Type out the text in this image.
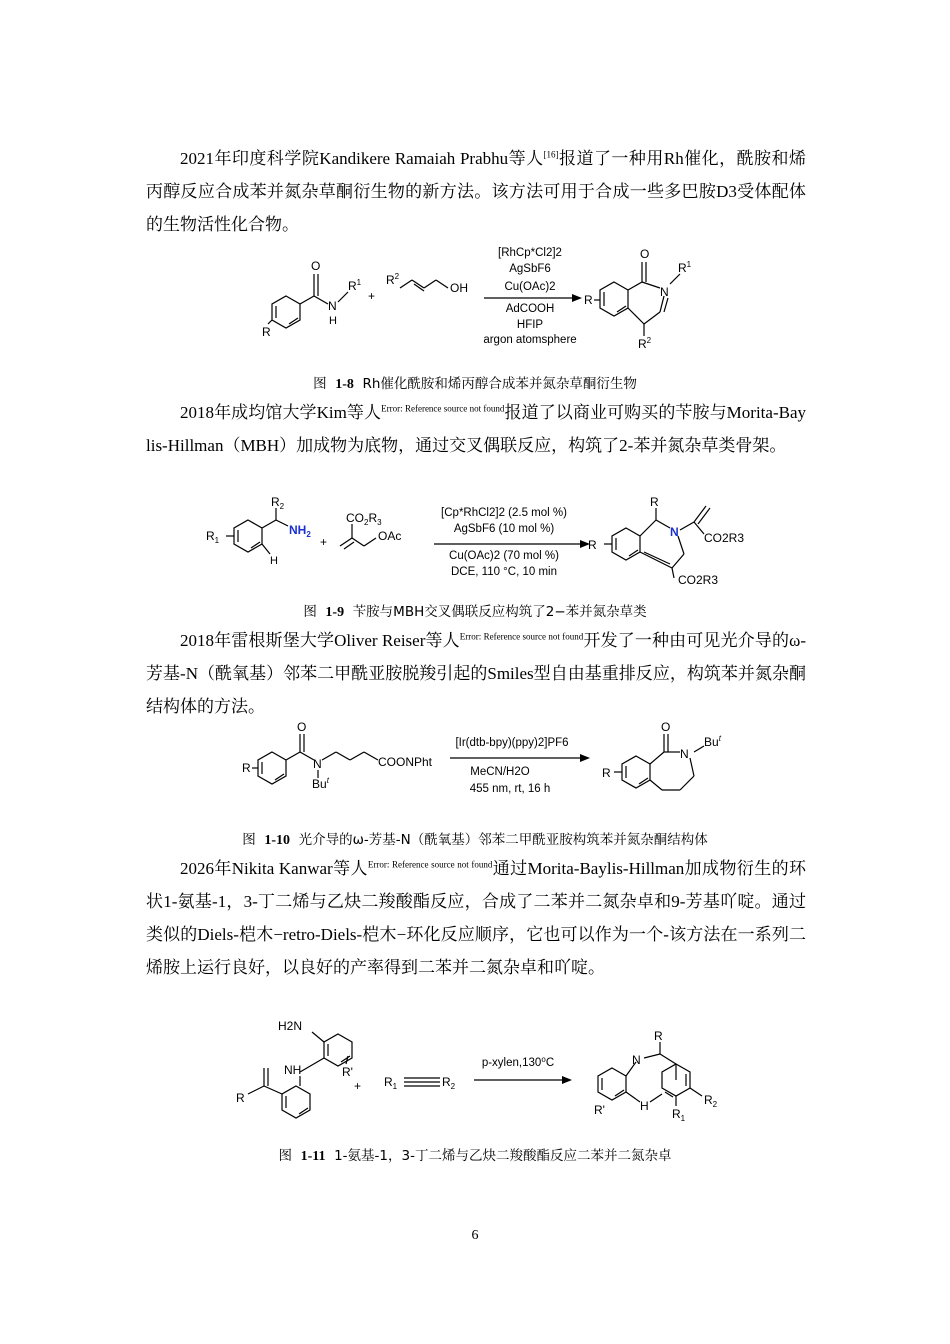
2021年印度科学院Kandikere Ramaiah Prabhu等人[16]报道了一种用Rh催化，酰胺和烯丙醇反应合成苯并氮杂草酮衍生物的新方法。该方法可用于合成一些多巴胺D3受体配体的生物活性化合物。

O
N
H
$R^1$
R
+
$R^2$
OH
[RhCp*Cl2]2
AgSbF6
Cu(OAc)2
AdCOOH
HFIP
argon atomsphere
O
N
$R^1$
R
$R^2$
图 1-8 Rh催化酰胺和烯丙醇合成苯并氮杂草酮衍生物

2018年成均馆大学Kim等人$^{Error: Reference source not found}$报道了以商业可购买的苄胺与Morita-Bay lis-Hillman（MBH）加成物为底物，通过交叉偶联反应，构筑了2-苯并氮杂草类骨架。

$R_2$
$NH_2$
$R_1$
H
+
$CO_2R_3$
OAc
[Cp*RhCl2]2 (2.5 mol %)
AgSbF6 (10 mol %)
Cu(OAc)2 (70 mol %)
DCE, 110 °C, 10 min
R
N
R	CO2R3
CO2R3
图 1-9 苄胺与MBH交叉偶联反应构筑了2−苯并氮杂草类

2018年雷根斯堡大学Oliver Reiser等人$^{Error: Reference source not found}$开发了一种由可见光介导的ω-芳基-N（酰氧基）邻苯二甲酰亚胺脱羧引起的Smiles型自由基重排反应，构筑苯并氮杂酮结构体的方法。

O
N
Bu$^t$
R	COONPht
[Ir(dtb-bpy)(ppy)2]PF6
MeCN/H2O
455 nm, rt, 16 h
O
N
Bu$^t$
R
图 1-10 光介导的ω-芳基-N（酰氧基）邻苯二甲酰亚胺构筑苯并氮杂酮结构体

2026年Nikita Kanwar等人$^{Error: Reference source not found}$通过Morita-Baylis-Hillman加成物衍生的环状1-氨基-1，3-丁二烯与乙炔二羧酸酯反应，合成了二苯并二氮杂卓和9-芳基吖啶。通过类似的Diels-桤木−retro-Diels-桤木−环化反应顺序，它也可以作为一个-该方法在一系列二烯胺上运行良好，以良好的产率得到二苯并二氮杂卓和吖啶。

H2N
R'
NH
R
+ $R_1$	$R_2$
p-xylen,130⁰C
R
N
H
R'	$R_1$
$R_2$
图 1-11 1-氨基-1，3-丁二烯与乙炔二羧酸酯反应二苯并二氮杂卓
6
